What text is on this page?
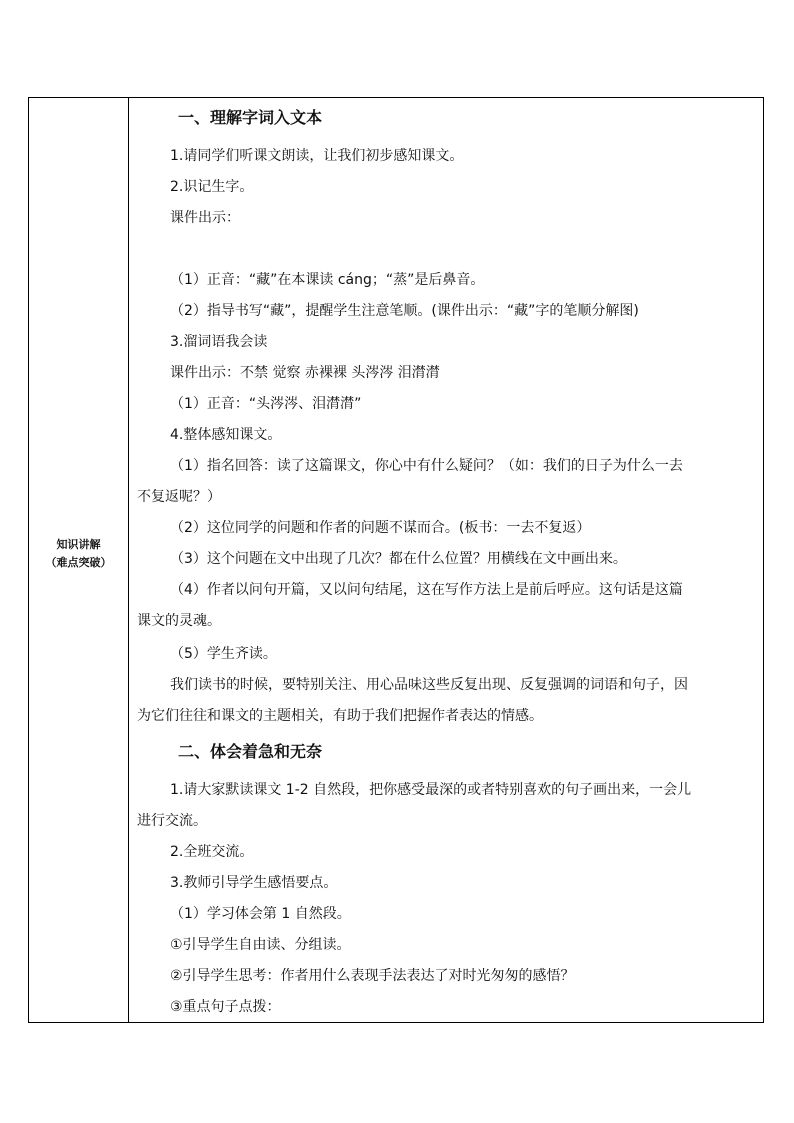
知识讲解
（难点突破）
一、理解字词入文本
1.请同学们听课文朗读，让我们初步感知课文。
2.识记生字。
课件出示：
（1）正音：“藏”在本课读 cáng；“蒸”是后鼻音。
（2）指导书写“藏”，提醒学生注意笔顺。(课件出示：“藏”字的笔顺分解图)
3.溜词语我会读
课件出示：不禁 觉察 赤裸裸 头涔涔 泪潸潸
（1）正音：“头涔涔、泪潸潸”
4.整体感知课文。
（1）指名回答：读了这篇课文，你心中有什么疑问？（如：我们的日子为什么一去
不复返呢？）
（2）这位同学的问题和作者的问题不谋而合。(板书：一去不复返）
（3）这个问题在文中出现了几次？都在什么位置？用横线在文中画出来。
（4）作者以问句开篇，又以问句结尾，这在写作方法上是前后呼应。这句话是这篇
课文的灵魂。
（5）学生齐读。
我们读书的时候，要特别关注、用心品味这些反复出现、反复强调的词语和句子，因
为它们往往和课文的主题相关，有助于我们把握作者表达的情感。
二、体会着急和无奈
1.请大家默读课文 1-2 自然段，把你感受最深的或者特别喜欢的句子画出来，一会儿
进行交流。
2.全班交流。
3.教师引导学生感悟要点。
（1）学习体会第 1 自然段。
①引导学生自由读、分组读。
②引导学生思考：作者用什么表现手法表达了对时光匆匆的感悟？
③重点句子点拨：
